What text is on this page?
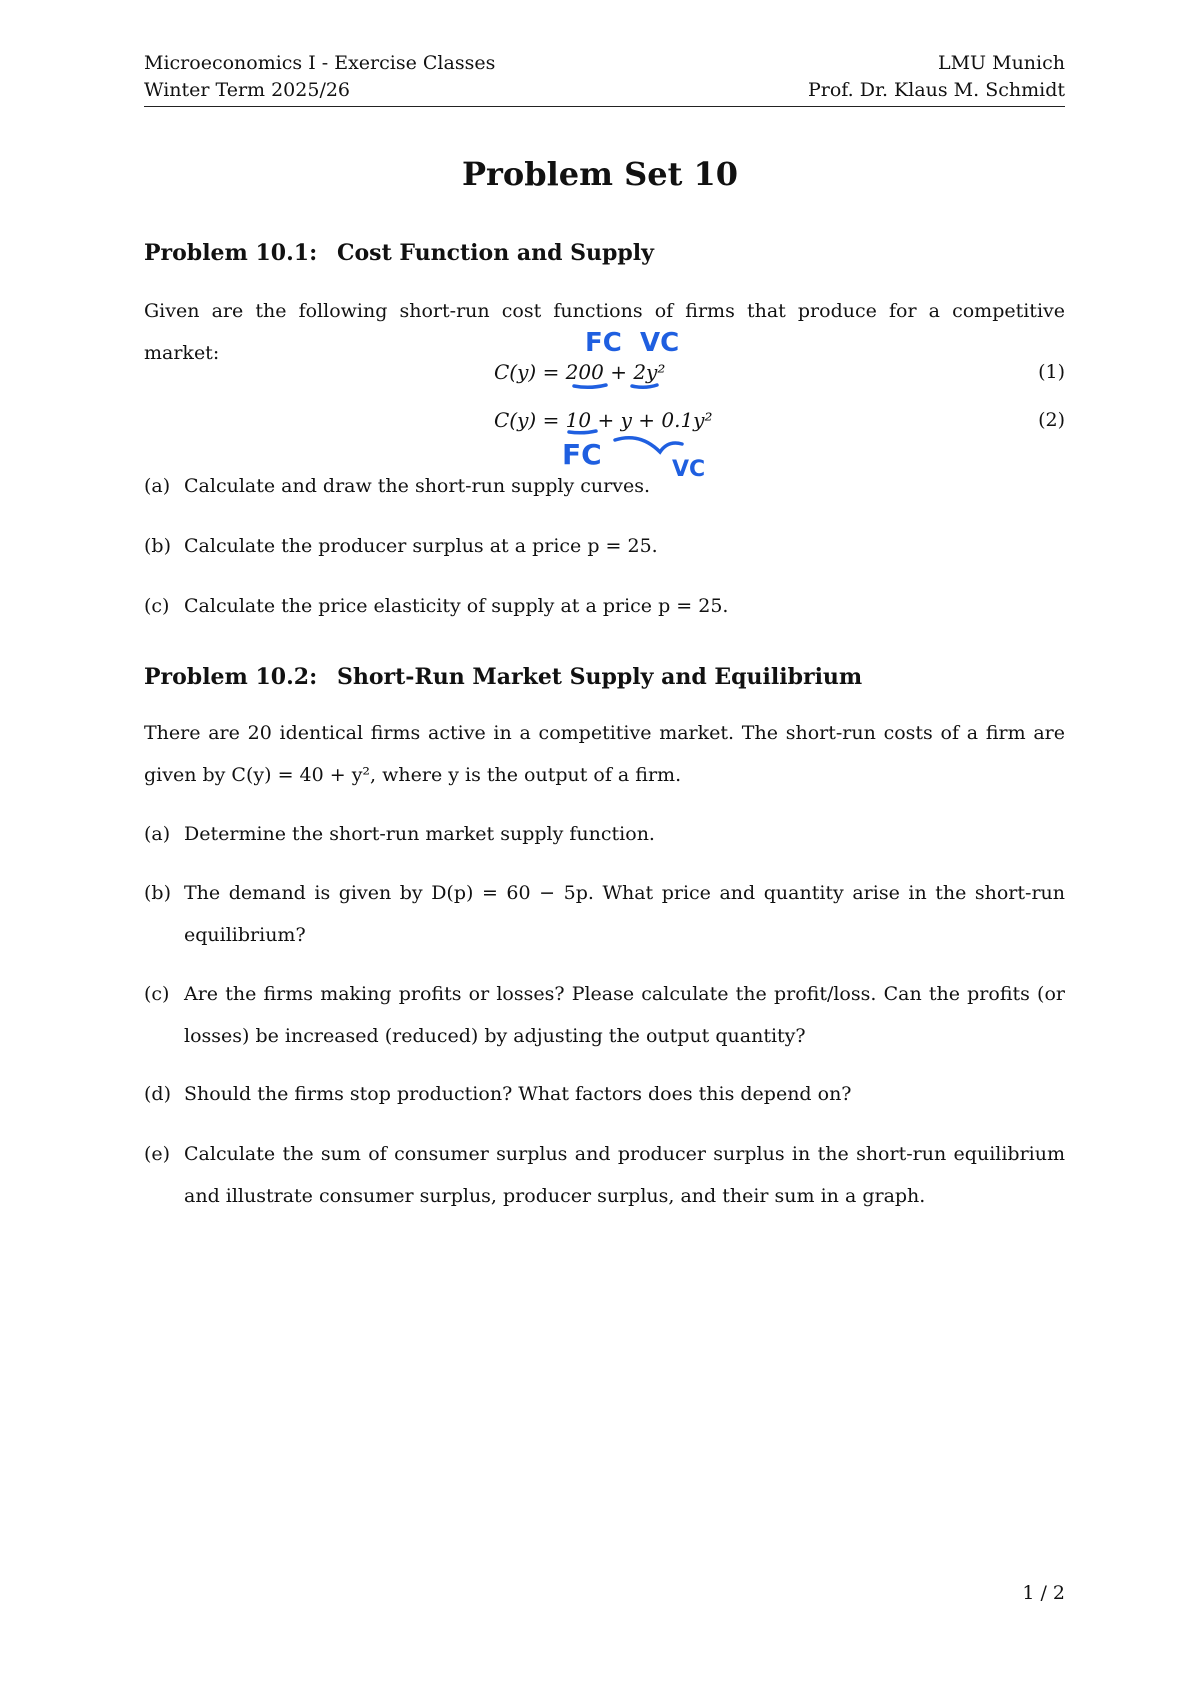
Microeconomics I - Exercise Classes	LMU Munich
Winter Term 2025/26	Prof. Dr. Klaus M. Schmidt
Problem Set 10
Problem 10.1: Cost Function and Supply
Given are the following short-run cost functions of firms that produce for a competitive market:
C(y) = 200 + 2y²	(1)
C(y) = 10 + y + 0.1y²	(2)
(a) Calculate and draw the short-run supply curves.
(b) Calculate the producer surplus at a price p = 25.
(c) Calculate the price elasticity of supply at a price p = 25.
Problem 10.2: Short-Run Market Supply and Equilibrium
There are 20 identical firms active in a competitive market. The short-run costs of a firm are given by C(y) = 40 + y², where y is the output of a firm.
(a) Determine the short-run market supply function.
(b) The demand is given by D(p) = 60 − 5p. What price and quantity arise in the short-run equilibrium?
(c) Are the firms making profits or losses? Please calculate the profit/loss. Can the profits (or losses) be increased (reduced) by adjusting the output quantity?
(d) Should the firms stop production? What factors does this depend on?
(e) Calculate the sum of consumer surplus and producer surplus in the short-run equilibrium and illustrate consumer surplus, producer surplus, and their sum in a graph.
1 / 2
FC VC
FC	VC
